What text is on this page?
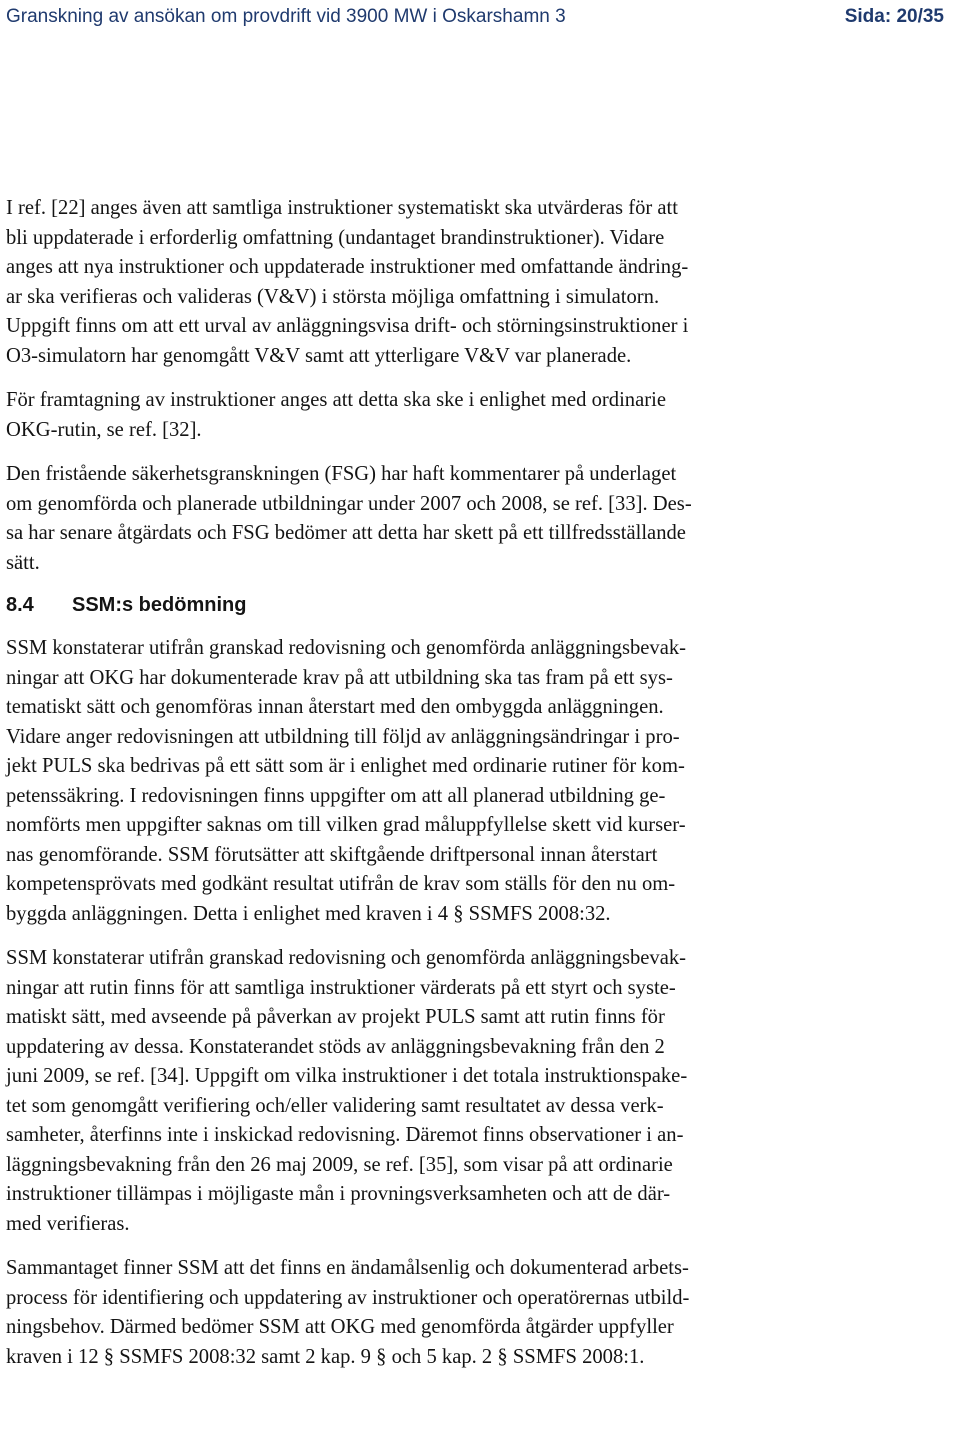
Granskning av ansökan om provdrift vid 3900 MW i Oskarshamn 3	Sida: 20/35
I ref. [22] anges även att samtliga instruktioner systematiskt ska utvärderas för att
bli uppdaterade i erforderlig omfattning (undantaget brandinstruktioner). Vidare
anges att nya instruktioner och uppdaterade instruktioner med omfattande ändring-
ar ska verifieras och valideras (V&V) i största möjliga omfattning i simulatorn.
Uppgift finns om att ett urval av anläggningsvisa drift- och störningsinstruktioner i
O3-simulatorn har genomgått V&V samt att ytterligare V&V var planerade.
För framtagning av instruktioner anges att detta ska ske i enlighet med ordinarie
OKG-rutin, se ref. [32].
Den fristående säkerhetsgranskningen (FSG) har haft kommentarer på underlaget
om genomförda och planerade utbildningar under 2007 och 2008, se ref. [33]. Des-
sa har senare åtgärdats och FSG bedömer att detta har skett på ett tillfredsställande
sätt.
8.4 SSM:s bedömning
SSM konstaterar utifrån granskad redovisning och genomförda anläggningsbevak-
ningar att OKG har dokumenterade krav på att utbildning ska tas fram på ett sys-
tematiskt sätt och genomföras innan återstart med den ombyggda anläggningen.
Vidare anger redovisningen att utbildning till följd av anläggningsändringar i pro-
jekt PULS ska bedrivas på ett sätt som är i enlighet med ordinarie rutiner för kom-
petenssäkring. I redovisningen finns uppgifter om att all planerad utbildning ge-
nomförts men uppgifter saknas om till vilken grad måluppfyllelse skett vid kurser-
nas genomförande. SSM förutsätter att skiftgående driftpersonal innan återstart
kompetensprövats med godkänt resultat utifrån de krav som ställs för den nu om-
byggda anläggningen. Detta i enlighet med kraven i 4 § SSMFS 2008:32.
SSM konstaterar utifrån granskad redovisning och genomförda anläggningsbevak-
ningar att rutin finns för att samtliga instruktioner värderats på ett styrt och syste-
matiskt sätt, med avseende på påverkan av projekt PULS samt att rutin finns för
uppdatering av dessa. Konstaterandet stöds av anläggningsbevakning från den 2
juni 2009, se ref. [34]. Uppgift om vilka instruktioner i det totala instruktionspake-
tet som genomgått verifiering och/eller validering samt resultatet av dessa verk-
samheter, återfinns inte i inskickad redovisning. Däremot finns observationer i an-
läggningsbevakning från den 26 maj 2009, se ref. [35], som visar på att ordinarie
instruktioner tillämpas i möjligaste mån i provningsverksamheten och att de där-
med verifieras.
Sammantaget finner SSM att det finns en ändamålsenlig och dokumenterad arbets-
process för identifiering och uppdatering av instruktioner och operatörernas utbild-
ningsbehov. Därmed bedömer SSM att OKG med genomförda åtgärder uppfyller
kraven i 12 § SSMFS 2008:32 samt 2 kap. 9 § och 5 kap. 2 § SSMFS 2008:1.
